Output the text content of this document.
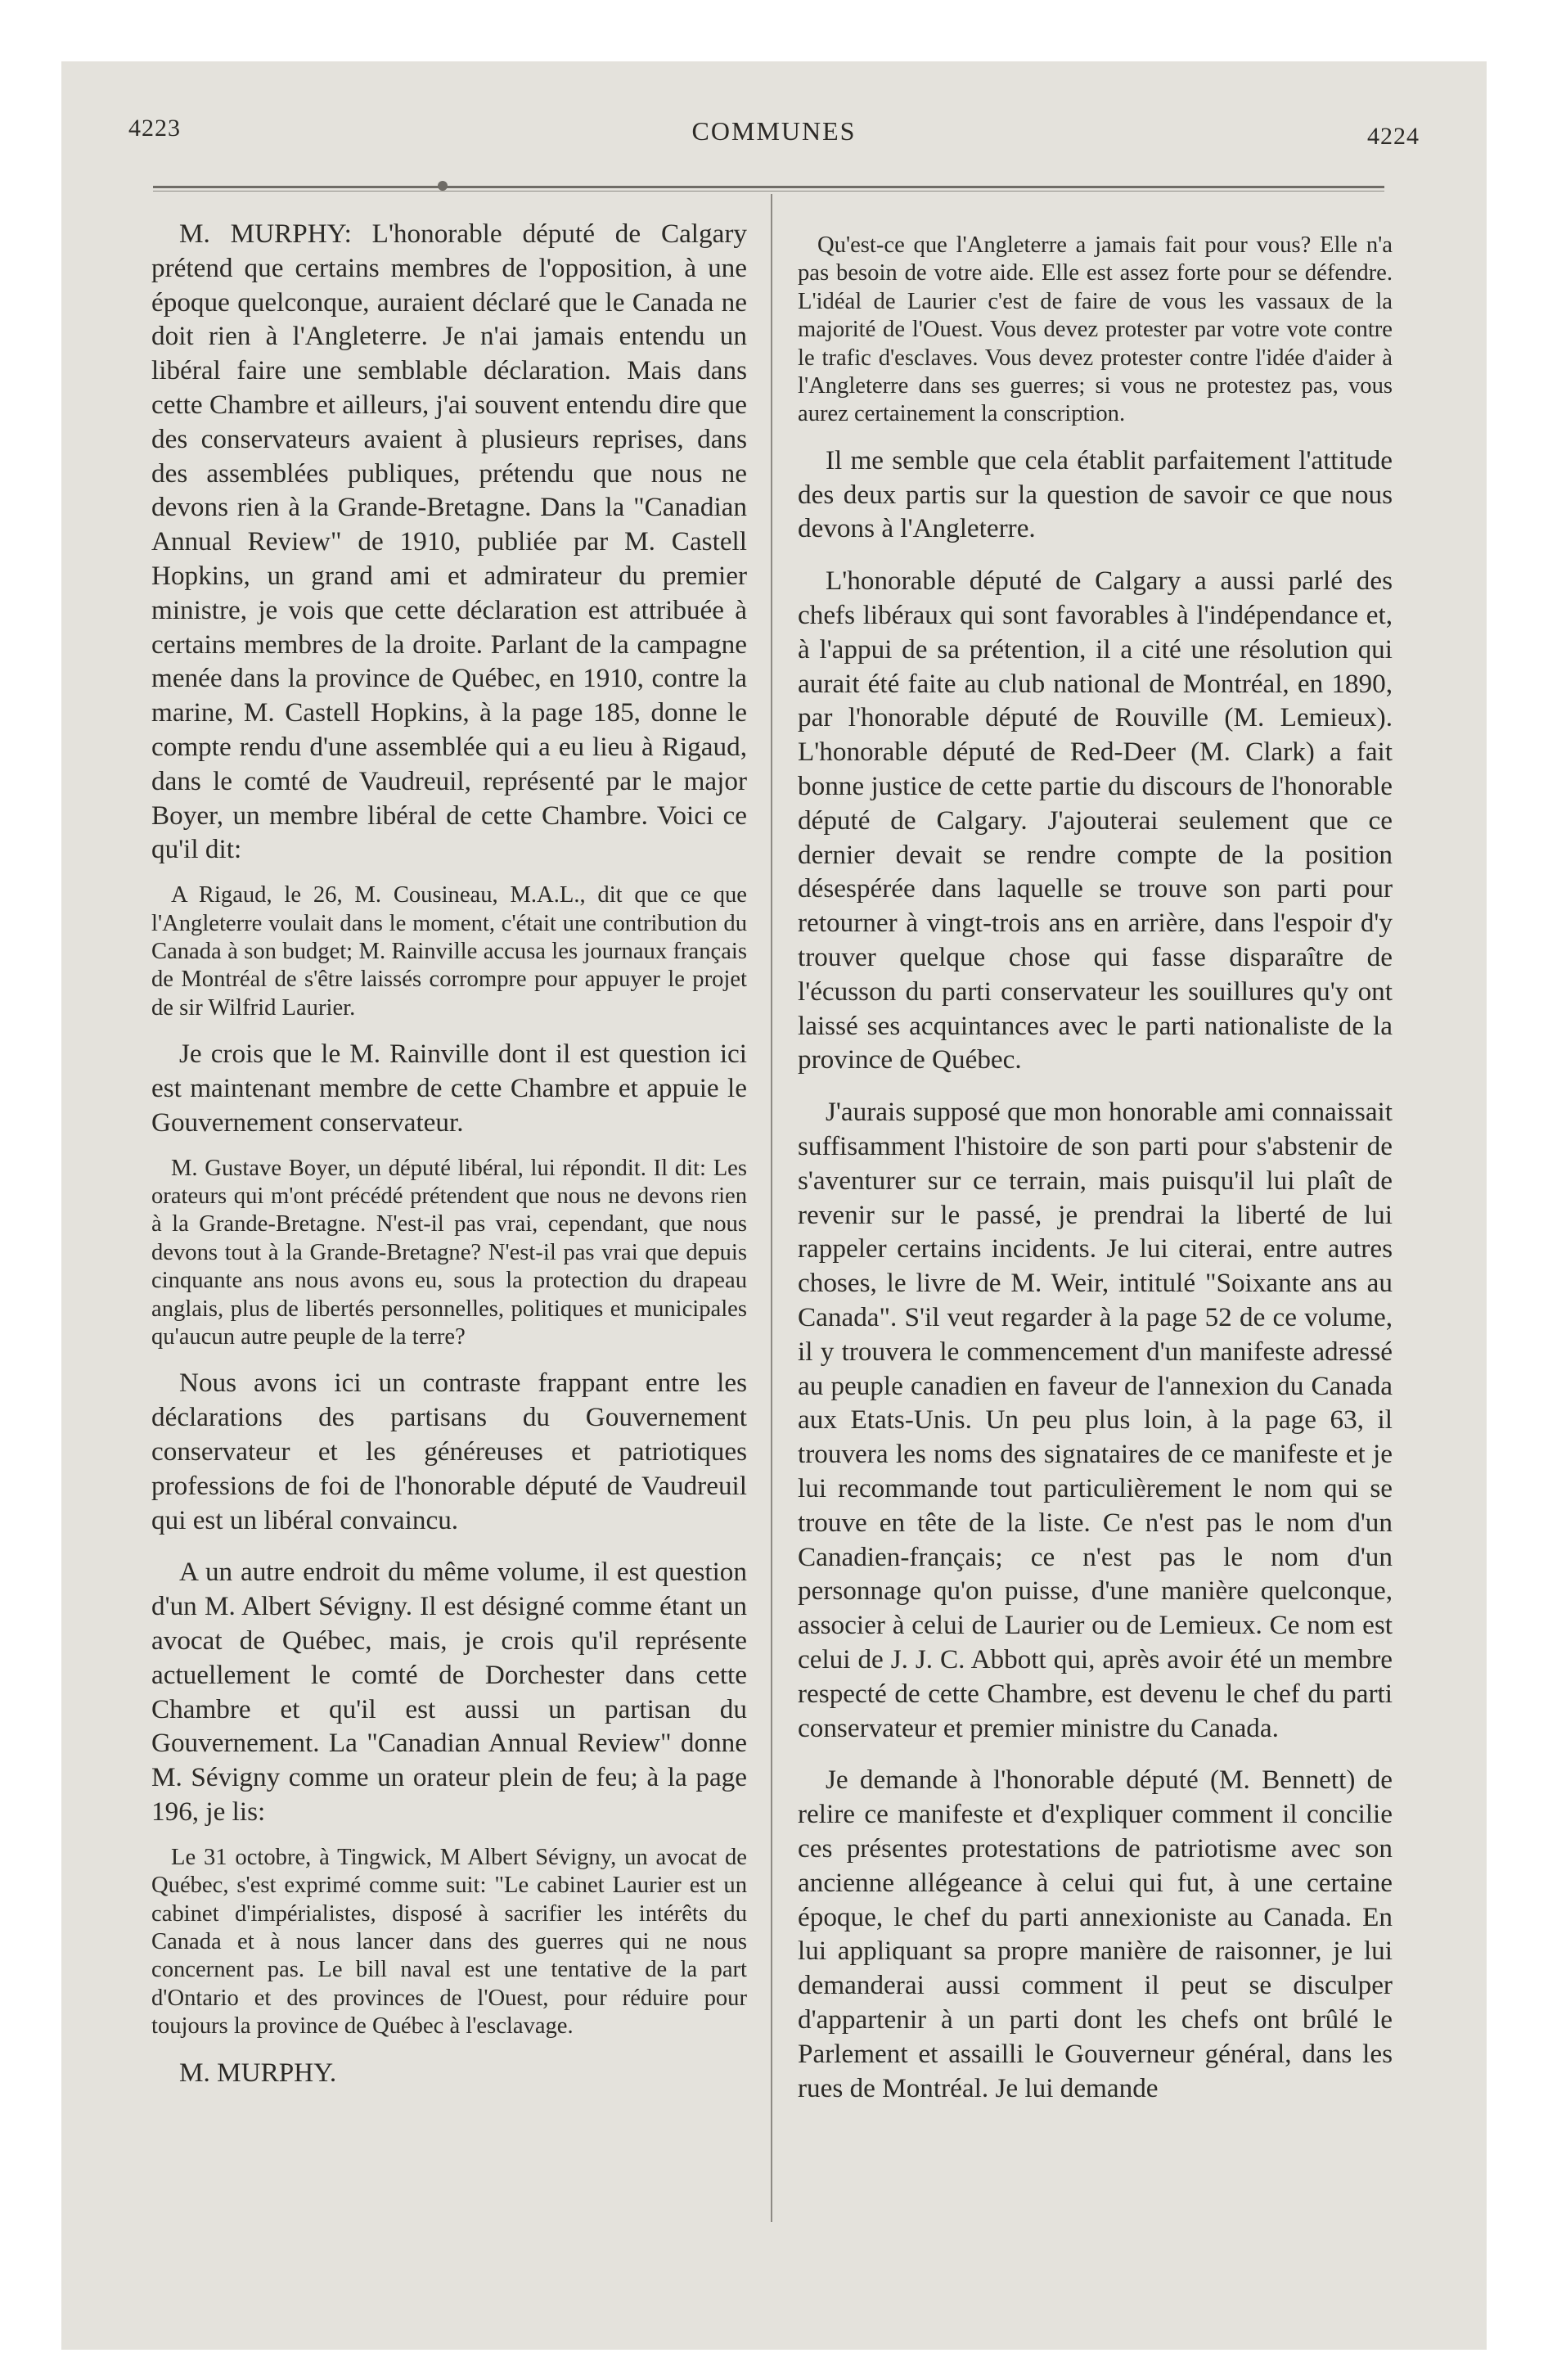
4223	COMMUNES	4224

M. MURPHY: L'honorable député de Calgary prétend que certains membres de l'opposition, à une époque quelconque, auraient déclaré que le Canada ne doit rien à l'Angleterre. Je n'ai jamais entendu un libéral faire une semblable déclaration. Mais dans cette Chambre et ailleurs, j'ai souvent entendu dire que des conservateurs avaient à plusieurs reprises, dans des assemblées publiques, prétendu que nous ne devons rien à la Grande-Bretagne. Dans la "Canadian Annual Review" de 1910, publiée par M. Castell Hopkins, un grand ami et admirateur du premier ministre, je vois que cette déclaration est attribuée à certains membres de la droite. Parlant de la campagne menée dans la province de Québec, en 1910, contre la marine, M. Castell Hopkins, à la page 185, donne le compte rendu d'une assemblée qui a eu lieu à Rigaud, dans le comté de Vaudreuil, représenté par le major Boyer, un membre libéral de cette Chambre. Voici ce qu'il dit:

A Rigaud, le 26, M. Cousineau, M.A.L., dit que ce que l'Angleterre voulait dans le moment, c'était une contribution du Canada à son budget; M. Rainville accusa les journaux français de Montréal de s'être laissés corrompre pour appuyer le projet de sir Wilfrid Laurier.

Je crois que le M. Rainville dont il est question ici est maintenant membre de cette Chambre et appuie le Gouvernement conservateur.

M. Gustave Boyer, un député libéral, lui répondit. Il dit: Les orateurs qui m'ont précédé prétendent que nous ne devons rien à la Grande-Bretagne. N'est-il pas vrai, cependant, que nous devons tout à la Grande-Bretagne? N'est-il pas vrai que depuis cinquante ans nous avons eu, sous la protection du drapeau anglais, plus de libertés personnelles, politiques et municipales qu'aucun autre peuple de la terre?

Nous avons ici un contraste frappant entre les déclarations des partisans du Gouvernement conservateur et les généreuses et patriotiques professions de foi de l'honorable député de Vaudreuil qui est un libéral convaincu.

A un autre endroit du même volume, il est question d'un M. Albert Sévigny. Il est désigné comme étant un avocat de Québec, mais, je crois qu'il représente actuellement le comté de Dorchester dans cette Chambre et qu'il est aussi un partisan du Gouvernement. La "Canadian Annual Review" donne M. Sévigny comme un orateur plein de feu; à la page 196, je lis:

Le 31 octobre, à Tingwick, M Albert Sévigny, un avocat de Québec, s'est exprimé comme suit: "Le cabinet Laurier est un cabinet d'impérialistes, disposé à sacrifier les intérêts du Canada et à nous lancer dans des guerres qui ne nous concernent pas. Le bill naval est une tentative de la part d'Ontario et des provinces de l'Ouest, pour réduire pour toujours la province de Québec à l'esclavage.

M. MURPHY.

Qu'est-ce que l'Angleterre a jamais fait pour vous? Elle n'a pas besoin de votre aide. Elle est assez forte pour se défendre. L'idéal de Laurier c'est de faire de vous les vassaux de la majorité de l'Ouest. Vous devez protester par votre vote contre le trafic d'esclaves. Vous devez protester contre l'idée d'aider à l'Angleterre dans ses guerres; si vous ne protestez pas, vous aurez certainement la conscription.

Il me semble que cela établit parfaitement l'attitude des deux partis sur la question de savoir ce que nous devons à l'Angleterre.

L'honorable député de Calgary a aussi parlé des chefs libéraux qui sont favorables à l'indépendance et, à l'appui de sa prétention, il a cité une résolution qui aurait été faite au club national de Montréal, en 1890, par l'honorable député de Rouville (M. Lemieux). L'honorable député de Red-Deer (M. Clark) a fait bonne justice de cette partie du discours de l'honorable député de Calgary. J'ajouterai seulement que ce dernier devait se rendre compte de la position désespérée dans laquelle se trouve son parti pour retourner à vingt-trois ans en arrière, dans l'espoir d'y trouver quelque chose qui fasse disparaître de l'écusson du parti conservateur les souillures qu'y ont laissé ses acquintances avec le parti nationaliste de la province de Québec.

J'aurais supposé que mon honorable ami connaissait suffisamment l'histoire de son parti pour s'abstenir de s'aventurer sur ce terrain, mais puisqu'il lui plaît de revenir sur le passé, je prendrai la liberté de lui rappeler certains incidents. Je lui citerai, entre autres choses, le livre de M. Weir, intitulé "Soixante ans au Canada". S'il veut regarder à la page 52 de ce volume, il y trouvera le commencement d'un manifeste adressé au peuple canadien en faveur de l'annexion du Canada aux Etats-Unis. Un peu plus loin, à la page 63, il trouvera les noms des signataires de ce manifeste et je lui recommande tout particulièrement le nom qui se trouve en tête de la liste. Ce n'est pas le nom d'un Canadien-français; ce n'est pas le nom d'un personnage qu'on puisse, d'une manière quelconque, associer à celui de Laurier ou de Lemieux. Ce nom est celui de J. J. C. Abbott qui, après avoir été un membre respecté de cette Chambre, est devenu le chef du parti conservateur et premier ministre du Canada.

Je demande à l'honorable député (M. Bennett) de relire ce manifeste et d'expliquer comment il concilie ces présentes protestations de patriotisme avec son ancienne allégeance à celui qui fut, à une certaine époque, le chef du parti annexioniste au Canada. En lui appliquant sa propre manière de raisonner, je lui demanderai aussi comment il peut se disculper d'appartenir à un parti dont les chefs ont brûlé le Parlement et assailli le Gouverneur général, dans les rues de Montréal. Je lui demande
